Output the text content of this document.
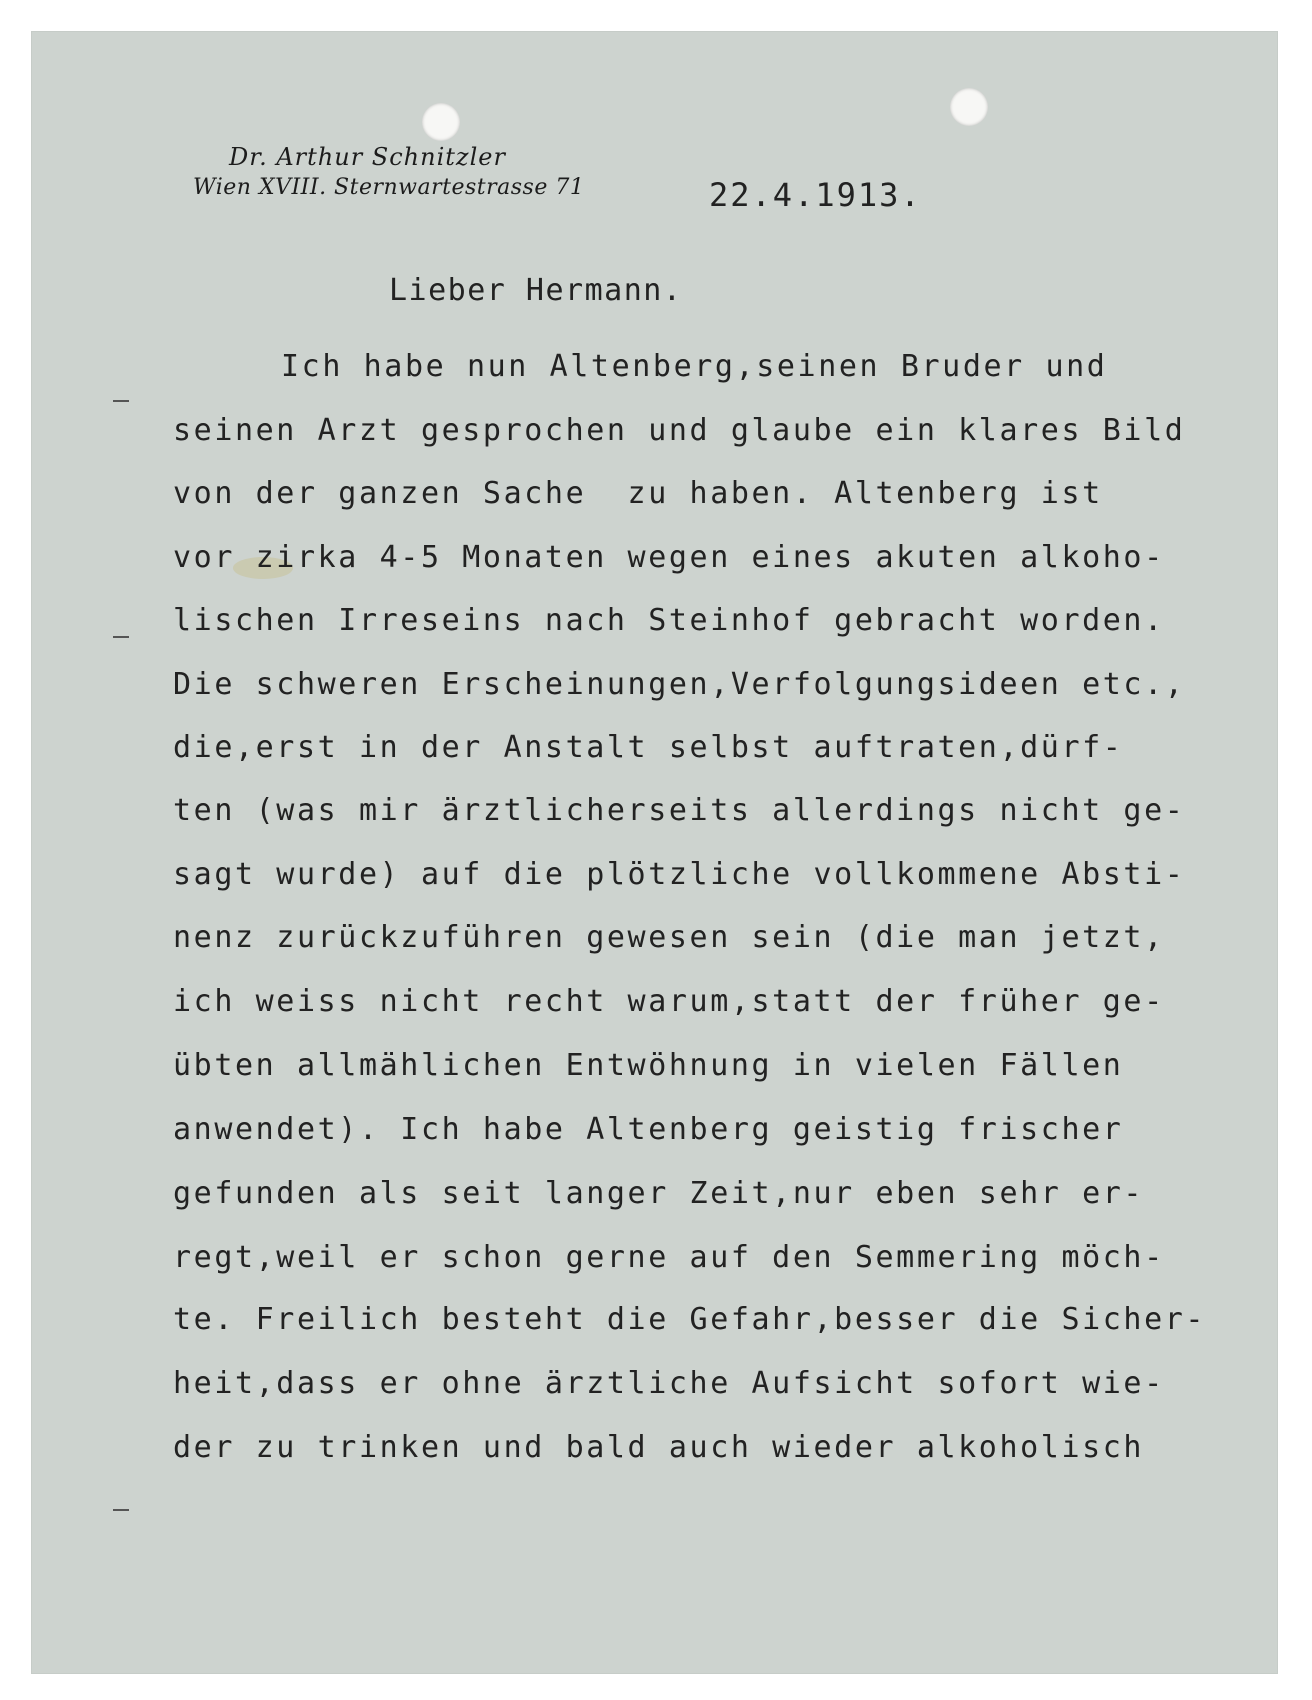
Dr. Arthur Schnitzler
Wien XVIII. Sternwartestrasse 71	22.4.1913.
Lieber Hermann.
Ich habe nun Altenberg,seinen Bruder und
seinen Arzt gesprochen und glaube ein klares Bild
von der ganzen Sache  zu haben. Altenberg ist
vor zirka 4-5 Monaten wegen eines akuten alkoho-
lischen Irreseins nach Steinhof gebracht worden.
Die schweren Erscheinungen,Verfolgungsideen etc.,
die,erst in der Anstalt selbst auftraten,dürf-
ten (was mir ärztlicherseits allerdings nicht ge-
sagt wurde) auf die plötzliche vollkommene Absti-
nenz zurückzuführen gewesen sein (die man jetzt,
ich weiss nicht recht warum,statt der früher ge-
übten allmählichen Entwöhnung in vielen Fällen
anwendet). Ich habe Altenberg geistig frischer
gefunden als seit langer Zeit,nur eben sehr er-
regt,weil er schon gerne auf den Semmering möch-
te. Freilich besteht die Gefahr,besser die Sicher-
heit,dass er ohne ärztliche Aufsicht sofort wie-
der zu trinken und bald auch wieder alkoholisch
